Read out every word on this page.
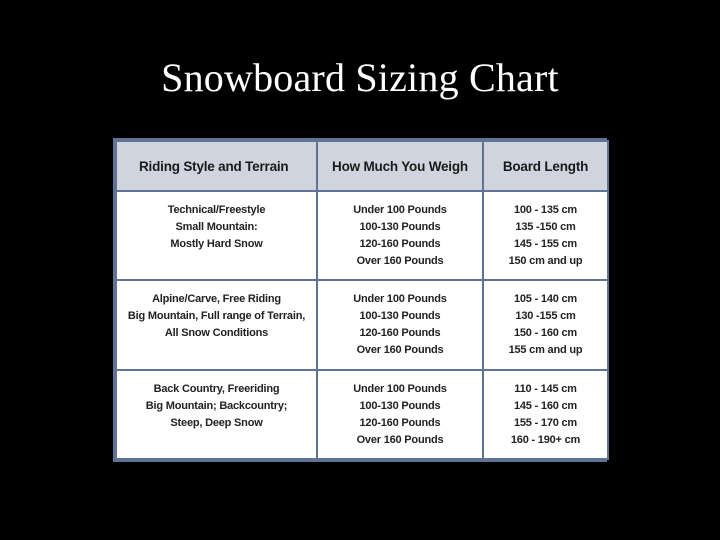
Snowboard Sizing Chart
Riding Style and Terrain	How Much You Weigh	Board Length

Technical/Freestyle
Small Mountain:
Mostly Hard Snow	Under 100 Pounds
100-130 Pounds
120-160 Pounds
Over 160 Pounds	100 - 135 cm
135 -150 cm
145 - 155 cm
150 cm and up

Alpine/Carve, Free Riding
Big Mountain, Full range of Terrain,
All Snow Conditions	Under 100 Pounds
100-130 Pounds
120-160 Pounds
Over 160 Pounds	105 - 140 cm
130 -155 cm
150 - 160 cm
155 cm and up

Back Country, Freeriding
Big Mountain; Backcountry;
Steep, Deep Snow	Under 100 Pounds
100-130 Pounds
120-160 Pounds
Over 160 Pounds	110 - 145 cm
145 - 160 cm
155 - 170 cm
160 - 190+ cm
